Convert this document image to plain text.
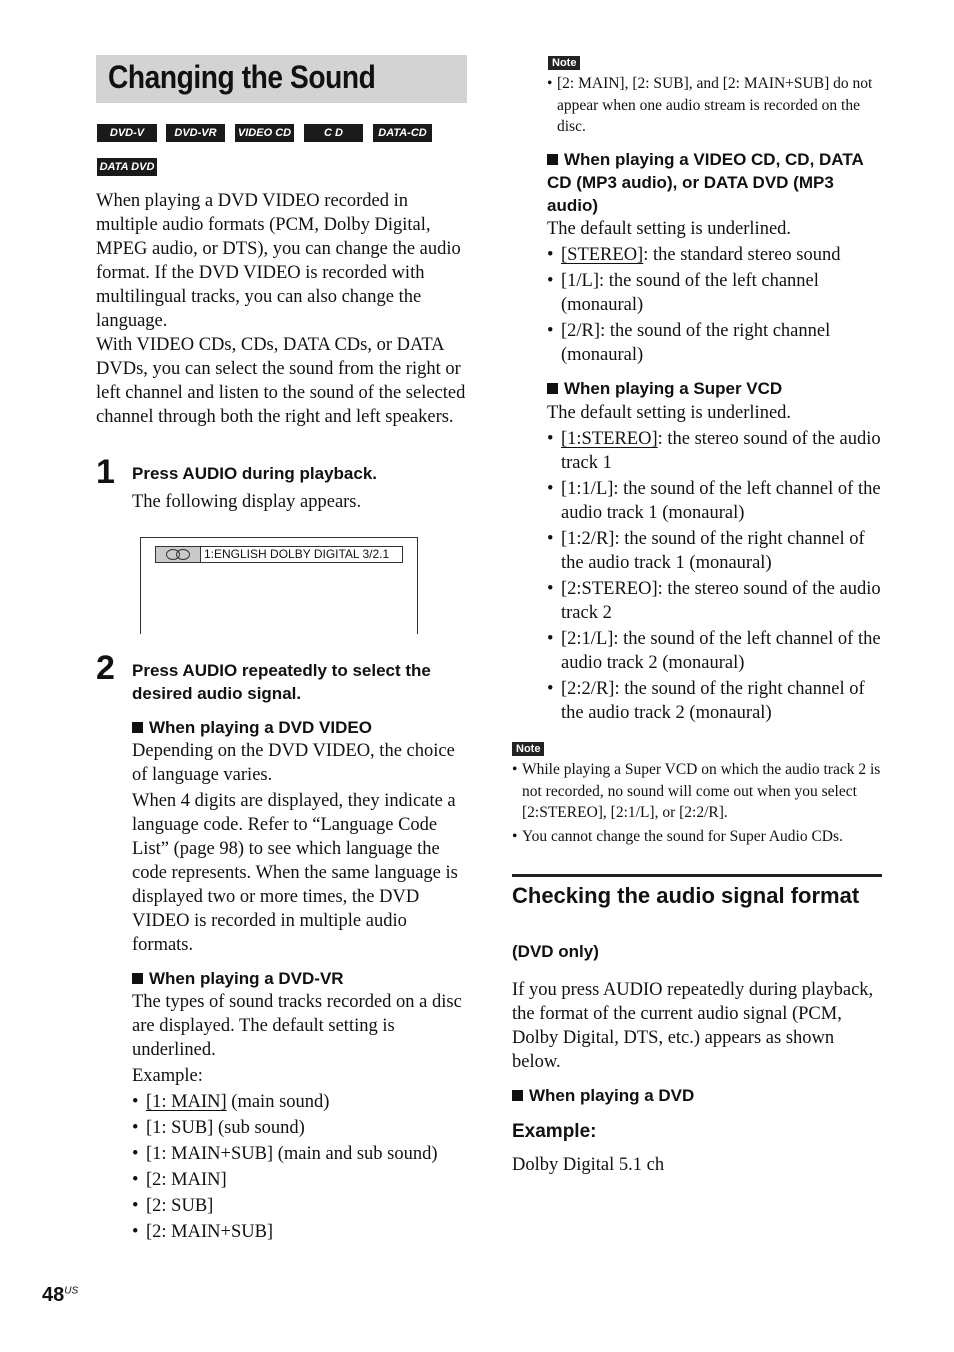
Changing the Sound
DVD-V	DVD-VR	VIDEO CD	C D	DATA-CD
DATA DVD
When playing a DVD VIDEO recorded in multiple audio formats (PCM, Dolby Digital, MPEG audio, or DTS), you can change the audio format. If the DVD VIDEO is recorded with multilingual tracks, you can also change the language.
With VIDEO CDs, CDs, DATA CDs, or DATA DVDs, you can select the sound from the right or left channel and listen to the sound of the selected channel through both the right and left speakers.
1 Press AUDIO during playback.
The following display appears.
1:ENGLISH DOLBY DIGITAL 3/2.1
2 Press AUDIO repeatedly to select the desired audio signal.
When playing a DVD VIDEO
Depending on the DVD VIDEO, the choice of language varies.
When 4 digits are displayed, they indicate a language code. Refer to “Language Code List” (page 98) to see which language the code represents. When the same language is displayed two or more times, the DVD VIDEO is recorded in multiple audio formats.
When playing a DVD-VR
The types of sound tracks recorded on a disc are displayed. The default setting is underlined.
Example:
• [1: MAIN] (main sound)
• [1: SUB] (sub sound)
• [1: MAIN+SUB] (main and sub sound)
• [2: MAIN]
• [2: SUB]
• [2: MAIN+SUB]
Note
• [2: MAIN], [2: SUB], and [2: MAIN+SUB] do not appear when one audio stream is recorded on the disc.
When playing a VIDEO CD, CD, DATA CD (MP3 audio), or DATA DVD (MP3 audio)
The default setting is underlined.
• [STEREO]: the standard stereo sound
• [1/L]: the sound of the left channel (monaural)
• [2/R]: the sound of the right channel (monaural)
When playing a Super VCD
The default setting is underlined.
• [1:STEREO]: the stereo sound of the audio track 1
• [1:1/L]: the sound of the left channel of the audio track 1 (monaural)
• [1:2/R]: the sound of the right channel of the audio track 1 (monaural)
• [2:STEREO]: the stereo sound of the audio track 2
• [2:1/L]: the sound of the left channel of the audio track 2 (monaural)
• [2:2/R]: the sound of the right channel of the audio track 2 (monaural)
Note
• While playing a Super VCD on which the audio track 2 is not recorded, no sound will come out when you select [2:STEREO], [2:1/L], or [2:2/R].
• You cannot change the sound for Super Audio CDs.
Checking the audio signal format
(DVD only)
If you press AUDIO repeatedly during playback, the format of the current audio signal (PCM, Dolby Digital, DTS, etc.) appears as shown below.
When playing a DVD
Example:
Dolby Digital 5.1 ch
$48^{US}$
